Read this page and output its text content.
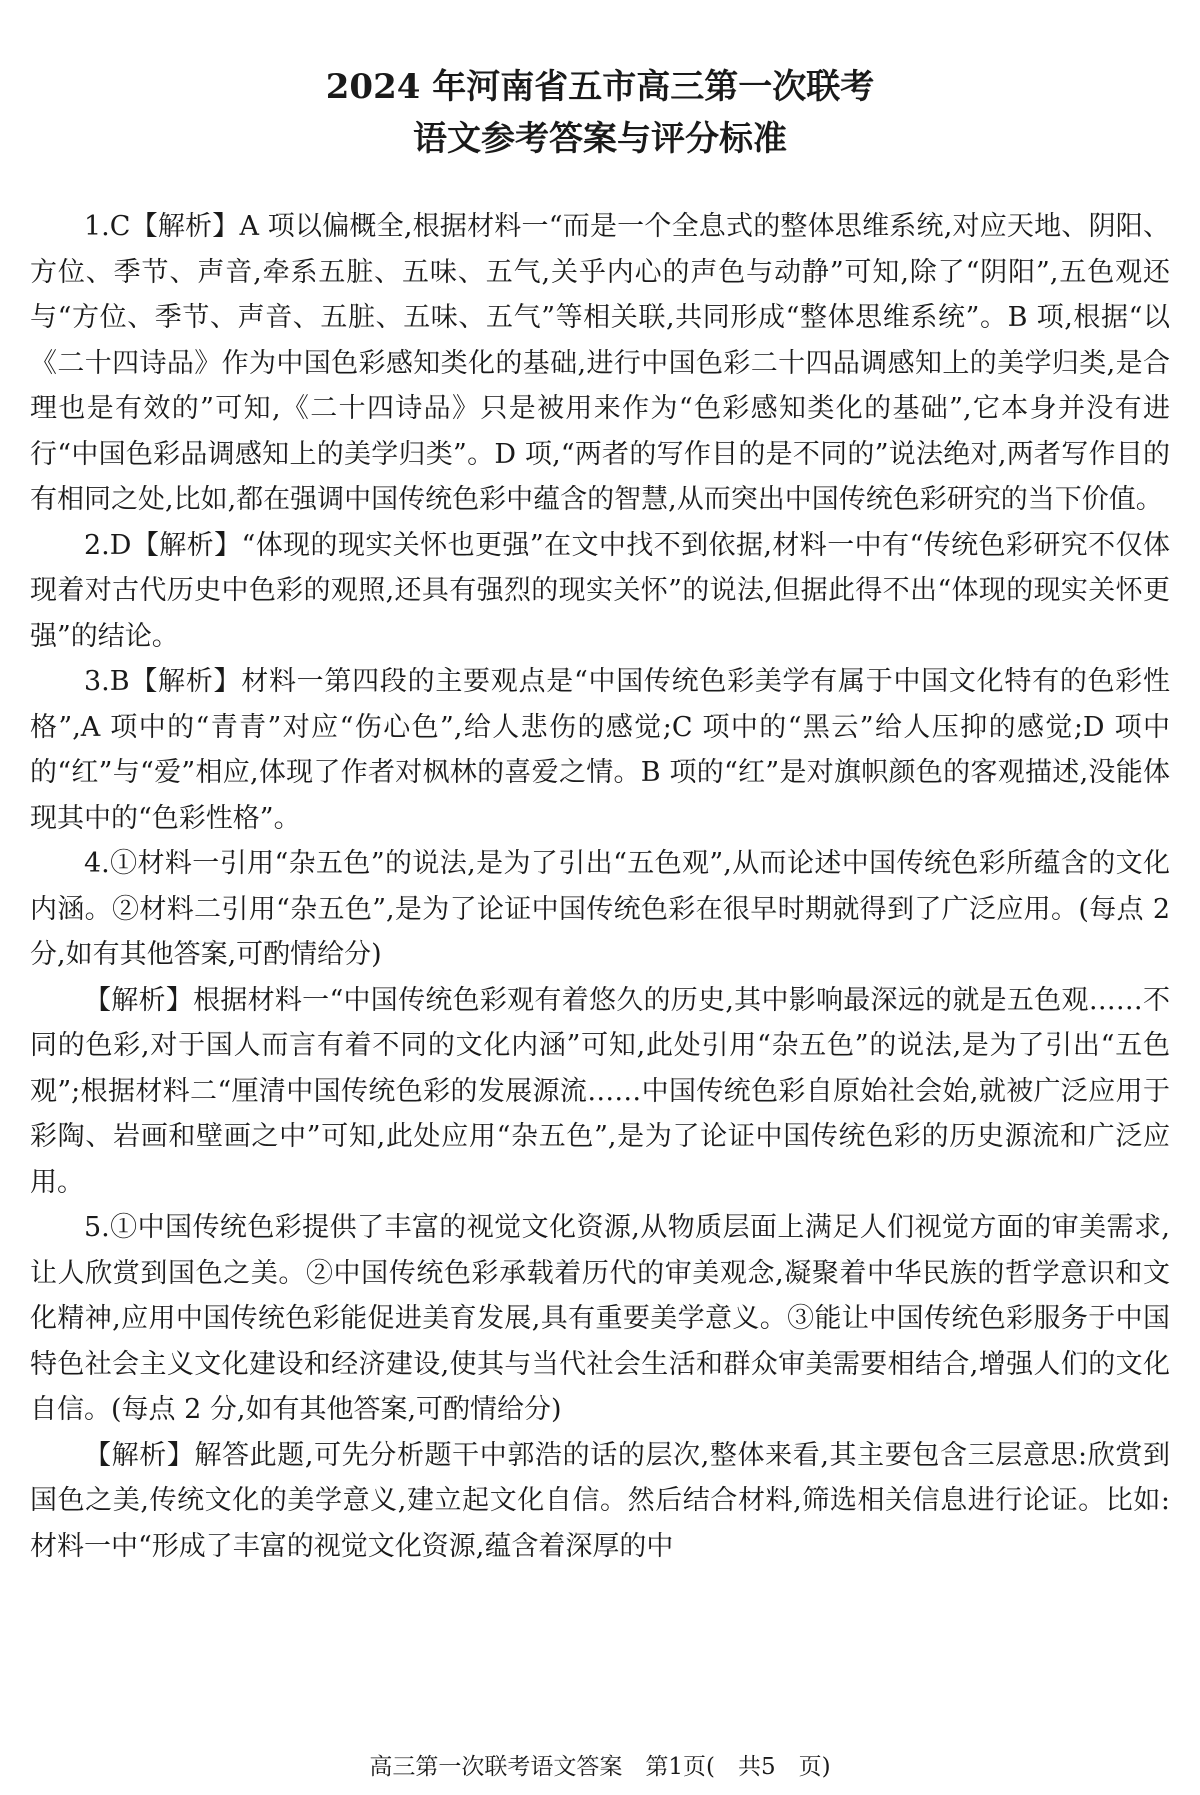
2024 年河南省五市高三第一次联考
语文参考答案与评分标准

1.C【解析】A 项以偏概全,根据材料一“而是一个全息式的整体思维系统,对应天地、阴阳、方位、季节、声音,牵系五脏、五味、五气,关乎内心的声色与动静”可知,除了“阴阳”,五色观还与“方位、季节、声音、五脏、五味、五气”等相关联,共同形成“整体思维系统”。B 项,根据“以《二十四诗品》作为中国色彩感知类化的基础,进行中国色彩二十四品调感知上的美学归类,是合理也是有效的”可知,《二十四诗品》只是被用来作为“色彩感知类化的基础”,它本身并没有进行“中国色彩品调感知上的美学归类”。D 项,“两者的写作目的是不同的”说法绝对,两者写作目的有相同之处,比如,都在强调中国传统色彩中蕴含的智慧,从而突出中国传统色彩研究的当下价值。

2.D【解析】“体现的现实关怀也更强”在文中找不到依据,材料一中有“传统色彩研究不仅体现着对古代历史中色彩的观照,还具有强烈的现实关怀”的说法,但据此得不出“体现的现实关怀更强”的结论。

3.B【解析】材料一第四段的主要观点是“中国传统色彩美学有属于中国文化特有的色彩性格”,A 项中的“青青”对应“伤心色”,给人悲伤的感觉;C 项中的“黑云”给人压抑的感觉;D 项中的“红”与“爱”相应,体现了作者对枫林的喜爱之情。B 项的“红”是对旗帜颜色的客观描述,没能体现其中的“色彩性格”。

4.①材料一引用“杂五色”的说法,是为了引出“五色观”,从而论述中国传统色彩所蕴含的文化内涵。②材料二引用“杂五色”,是为了论证中国传统色彩在很早时期就得到了广泛应用。(每点 2 分,如有其他答案,可酌情给分)

【解析】根据材料一“中国传统色彩观有着悠久的历史,其中影响最深远的就是五色观……不同的色彩,对于国人而言有着不同的文化内涵”可知,此处引用“杂五色”的说法,是为了引出“五色观”;根据材料二“厘清中国传统色彩的发展源流……中国传统色彩自原始社会始,就被广泛应用于彩陶、岩画和壁画之中”可知,此处应用“杂五色”,是为了论证中国传统色彩的历史源流和广泛应用。

5.①中国传统色彩提供了丰富的视觉文化资源,从物质层面上满足人们视觉方面的审美需求,让人欣赏到国色之美。②中国传统色彩承载着历代的审美观念,凝聚着中华民族的哲学意识和文化精神,应用中国传统色彩能促进美育发展,具有重要美学意义。③能让中国传统色彩服务于中国特色社会主义文化建设和经济建设,使其与当代社会生活和群众审美需要相结合,增强人们的文化自信。(每点 2 分,如有其他答案,可酌情给分)

【解析】解答此题,可先分析题干中郭浩的话的层次,整体来看,其主要包含三层意思:欣赏到国色之美,传统文化的美学意义,建立起文化自信。然后结合材料,筛选相关信息进行论证。比如:材料一中“形成了丰富的视觉文化资源,蕴含着深厚的中

高三第一次联考语文答案　第1页(　共5　页)
